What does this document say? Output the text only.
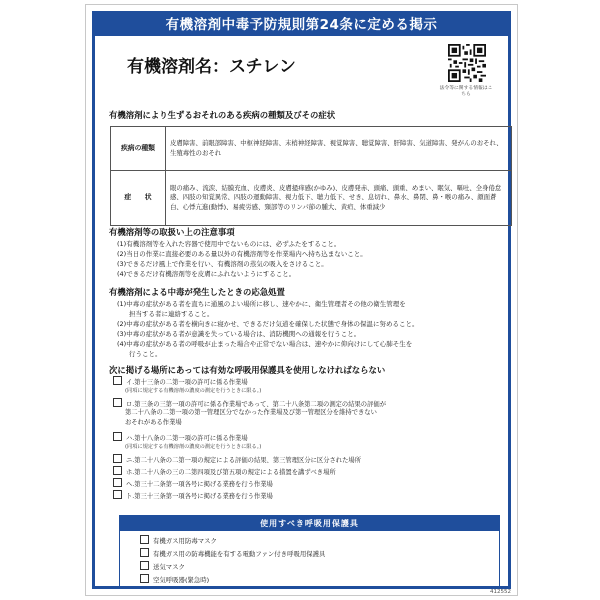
有機溶剤中毒予防規則第24条に定める掲示
有機溶剤名：スチレン
法令等に関する情報はこちら
有機溶剤により生ずるおそれのある疾病の種類及びその症状
疾病の種類	皮膚障害、前眼部障害、中枢神経障害、末梢神経障害、視覚障害、聴覚障害、肝障害、気道障害、発がんのおそれ、生殖毒性のおそれ
症　　状	眼の痛み、流涙、結膜充血、皮膚炎、皮膚掻痒感(かゆみ)、皮膚発赤、頭痛、頭重、めまい、眠気、嘔吐、全身倦怠感、四肢の知覚異常、四肢の運動障害、視力低下、聴力低下、せき、息切れ、鼻水、鼻閉、鼻・喉の痛み、顔面蒼白、心悸亢進(動悸)、易疲労感、頸部等のリンパ節の腫大、黄疸、体重減少
有機溶剤等の取扱い上の注意事項
(1)有機溶剤等を入れた容器で使用中でないものには、必ずふたをすること。
(2)当日の作業に直接必要のある量以外の有機溶剤等を作業場内へ持ち込まないこと。
(3)できるだけ風上で作業を行い、有機溶剤の蒸気の吸入をさけること。
(4)できるだけ有機溶剤等を皮膚にふれないようにすること。
有機溶剤による中毒が発生したときの応急処置
(1)中毒の症状がある者を直ちに通風のよい場所に移し、速やかに、衛生管理者その他の衛生管理を
担当する者に連絡すること。
(2)中毒の症状がある者を横向きに寝かせ、できるだけ気道を確保した状態で身体の保温に努めること。
(3)中毒の症状がある者が意識を失っている場合は、消防機関への通報を行うこと。
(4)中毒の症状がある者の呼吸が止まった場合や正常でない場合は、速やかに仰向けにして心肺そ生を
行うこと。
次に掲げる場所にあっては有効な呼吸用保護具を使用しなければならない
イ.第十三条の二第一項の許可に係る作業場
(同項に規定する有機溶剤の濃度の測定を行うときに限る。)
ロ.第三条の三第一項の許可に係る作業場であって、第二十八条第二項の測定の結果の評価が
第二十八条の二第一項の第一管理区分でなかった作業場及び第一管理区分を維持できない
おそれがある作業場
ハ.第十八条の二第一項の許可に係る作業場
(同項に規定する有機溶剤の濃度の測定を行うときに限る。)
ニ.第二十八条の二第一項の規定による評価の結果、第三管理区分に区分された場所
ホ.第二十八条の三の二第四項及び第五項の規定による措置を講ずべき場所
ヘ.第三十二条第一項各号に掲げる業務を行う作業場
ト.第三十三条第一項各号に掲げる業務を行う作業場
使用すべき呼吸用保護具
有機ガス用防毒マスク
有機ガス用の防毒機能を有する電動ファン付き呼吸用保護具
送気マスク
空気呼吸器(緊急時)
412552
